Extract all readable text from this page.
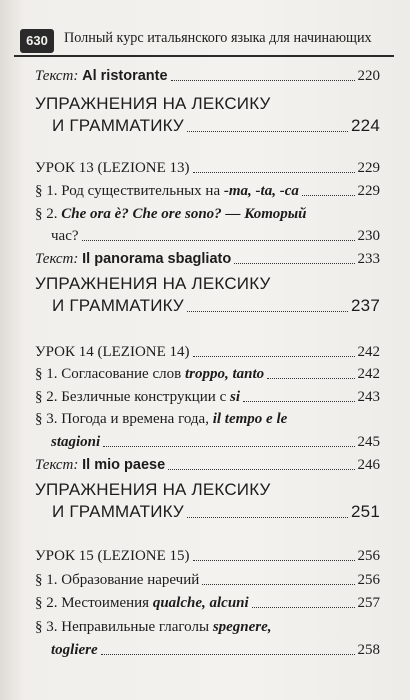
630	Полный курс итальянского языка для начинающих
Текст: Al ristorante	220
УПРАЖНЕНИЯ НА ЛЕКСИКУ
И ГРАММАТИКУ	224
УРОК 13 (LEZIONE 13)	229
§ 1. Род существительных на -ma, -ta, -ca	229
§ 2. Che ora è? Che ore sono? — Который
час?	230
Текст: Il panorama sbagliato	233
УПРАЖНЕНИЯ НА ЛЕКСИКУ
И ГРАММАТИКУ	237
УРОК 14 (LEZIONE 14)	242
§ 1. Согласование слов troppo, tanto	242
§ 2. Безличные конструкции с si	243
§ 3. Погода и времена года, il tempo e le
stagioni	245
Текст: Il mio paese	246
УПРАЖНЕНИЯ НА ЛЕКСИКУ
И ГРАММАТИКУ	251
УРОК 15 (LEZIONE 15)	256
§ 1. Образование наречий	256
§ 2. Местоимения qualche, alcuni	257
§ 3. Неправильные глаголы spegnere,
togliere	258
